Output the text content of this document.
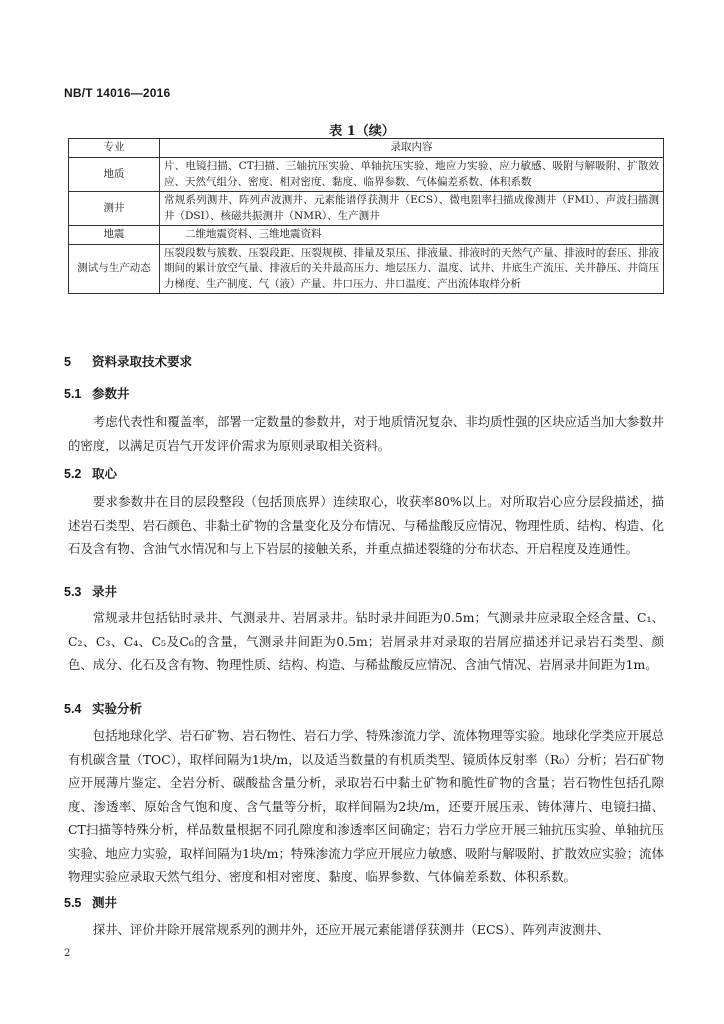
NB/T 14016—2016
表 1（续）
专业	录取内容
地质	片、电镜扫描、CT扫描、三轴抗压实验、单轴抗压实验、地应力实验、应力敏感、吸附与解吸附、扩散效应、天然气组分、密度、相对密度、黏度、临界参数、气体偏差系数、体积系数
测井	常规系列测井、阵列声波测井、元素能谱俘获测井（ECS）、微电阻率扫描成像测井（FMI）、声波扫描测井（DSI）、核磁共振测井（NMR）、生产测井
地震	二维地震资料、三维地震资料
测试与生产动态	压裂段数与簇数、压裂段距、压裂规模、排量及泵压、排液量、排液时的天然气产量、排液时的套压、排液期间的累计放空气量、排液后的关井最高压力、地层压力、温度、试井、井底生产流压、关井静压、井筒压力梯度、生产制度、气（液）产量、井口压力、井口温度、产出流体取样分析
5 资料录取技术要求
5.1 参数井

考虑代表性和覆盖率，部署一定数量的参数井，对于地质情况复杂、非均质性强的区块应适当加大参数井的密度，以满足页岩气开发评价需求为原则录取相关资料。

5.2 取心

要求参数井在目的层段整段（包括顶底界）连续取心，收获率80%以上。对所取岩心应分层段描述，描述岩石类型、岩石颜色、非黏土矿物的含量变化及分布情况、与稀盐酸反应情况、物理性质、结构、构造、化石及含有物、含油气水情况和与上下岩层的接触关系，并重点描述裂缝的分布状态、开启程度及连通性。

5.3 录井

常规录井包括钻时录井、气测录井、岩屑录井。钻时录井间距为0.5m；气测录井应录取全烃含量、C₁、C₂、C₃、C₄、C₅及C₆的含量，气测录井间距为0.5m；岩屑录井对录取的岩屑应描述并记录岩石类型、颜色、成分、化石及含有物、物理性质、结构、构造、与稀盐酸反应情况、含油气情况、岩屑录井间距为1m。

5.4 实验分析

包括地球化学、岩石矿物、岩石物性、岩石力学、特殊渗流力学、流体物理等实验。地球化学类应开展总有机碳含量（TOC），取样间隔为1块/m，以及适当数量的有机质类型、镜质体反射率（R₀）分析；岩石矿物应开展薄片鉴定、全岩分析、碳酸盐含量分析，录取岩石中黏土矿物和脆性矿物的含量；岩石物性包括孔隙度、渗透率、原始含气饱和度、含气量等分析，取样间隔为2块/m，还要开展压汞、铸体薄片、电镜扫描、CT扫描等特殊分析，样品数量根据不同孔隙度和渗透率区间确定；岩石力学应开展三轴抗压实验、单轴抗压实验、地应力实验，取样间隔为1块/m；特殊渗流力学应开展应力敏感、吸附与解吸附、扩散效应实验；流体物理实验应录取天然气组分、密度和相对密度、黏度、临界参数、气体偏差系数、体积系数。

5.5 测井

探井、评价井除开展常规系列的测井外，还应开展元素能谱俘获测井（ECS）、阵列声波测井、

2
